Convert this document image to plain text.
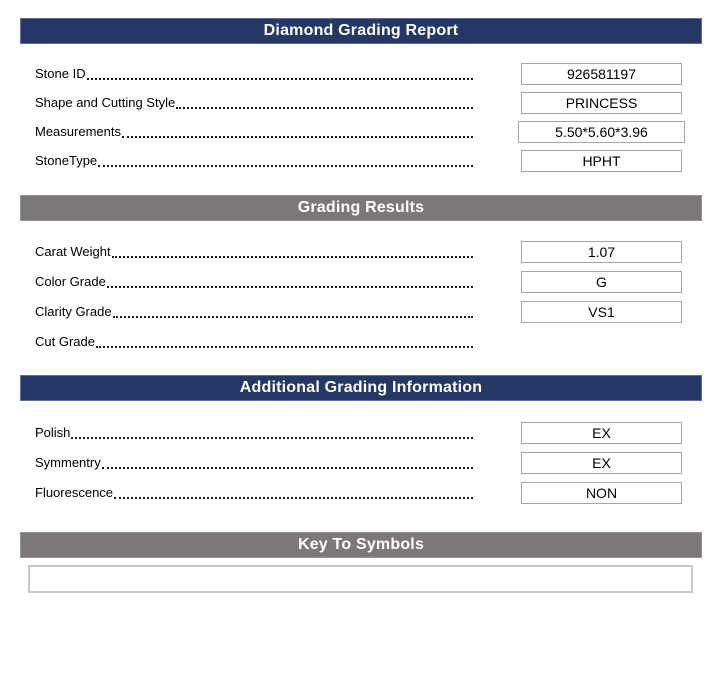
Diamond Grading Report
Stone ID	926581197
Shape and Cutting Style	PRINCESS
Measurements	5.50*5.60*3.96
StoneType	HPHT
Grading Results
Carat Weight	1.07
Color Grade	G
Clarity Grade	VS1
Cut Grade
Additional Grading Information
Polish	EX
Symmentry	EX
Fluorescence	NON
Key To Symbols
